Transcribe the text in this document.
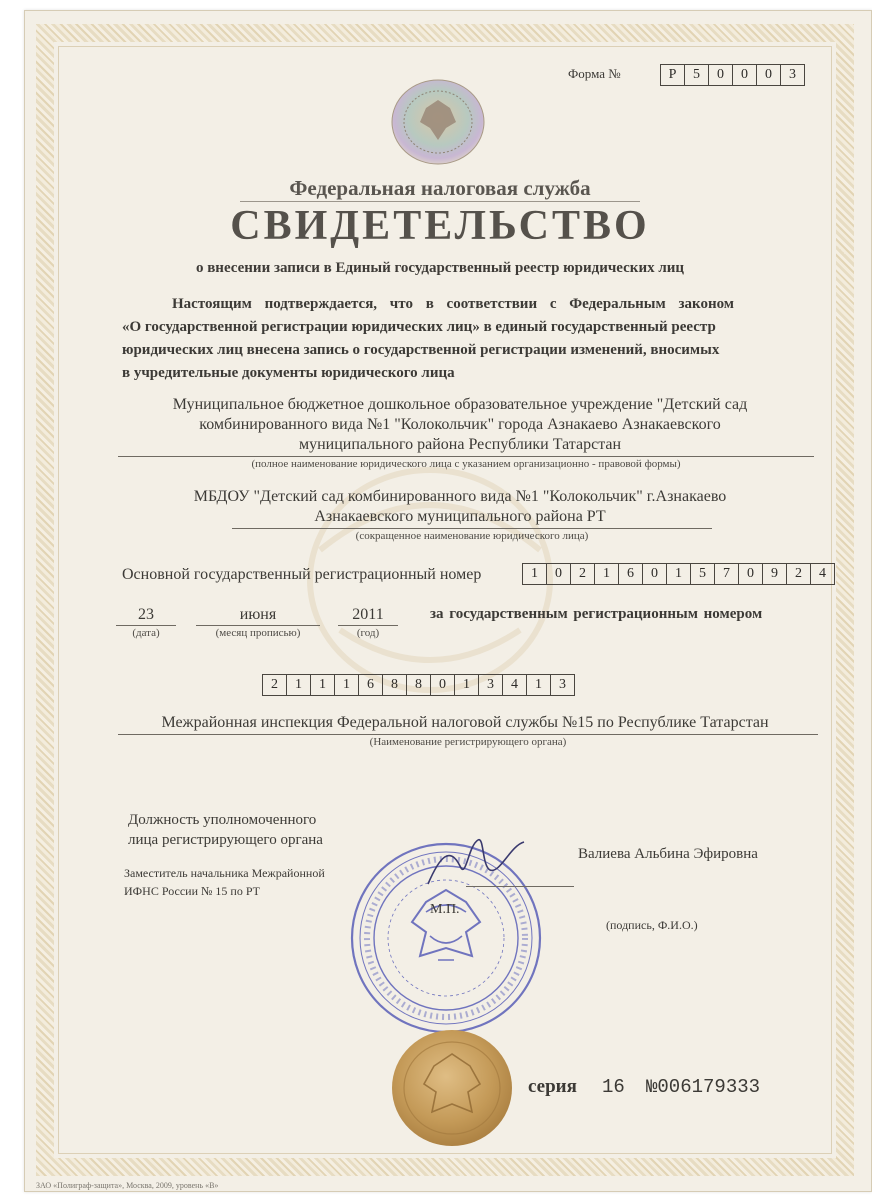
Форма №	Р	5	0	0	0	3
Федеральная налоговая служба
СВИДЕТЕЛЬСТВО
о внесении записи в Единый государственный реестр юридических лиц
Настоящим подтверждается, что в соответствии с Федеральным законом
«О государственной регистрации юридических лиц» в единый государственный реестр
юридических лиц внесена запись о государственной регистрации изменений, вносимых
в учредительные документы юридического лица
Муниципальное бюджетное дошкольное образовательное учреждение "Детский сад
комбинированного вида №1 "Колокольчик" города Азнакаево Азнакаевского
муниципального района Республики Татарстан
(полное наименование юридического лица с указанием организационно - правовой формы)
МБДОУ "Детский сад комбинированного вида №1 "Колокольчик" г.Азнакаево
Азнакаевского муниципального района РТ
(сокращенное наименование юридического лица)
Основной государственный регистрационный номер	1	0	2	1	6	0	1	5	7	0	9	2	4
23
(дата)
июня
(месяц прописью)
2011
(год)
за государственным регистрационным номером
2	1	1	1	6	8	8	0	1	3	4	1	3
Межрайонная инспекция Федеральной налоговой службы №15 по Республике Татарстан
(Наименование регистрирующего органа)
Должность уполномоченного
лица регистрирующего органа
Заместитель начальника Межрайонной
ИФНС России № 15 по РТ
Валиева Альбина Эфировна
М.П.
(подпись, Ф.И.О.)
серия 16 №006179333
ЗАО «Полиграф-защита», Москва, 2009, уровень «В»
